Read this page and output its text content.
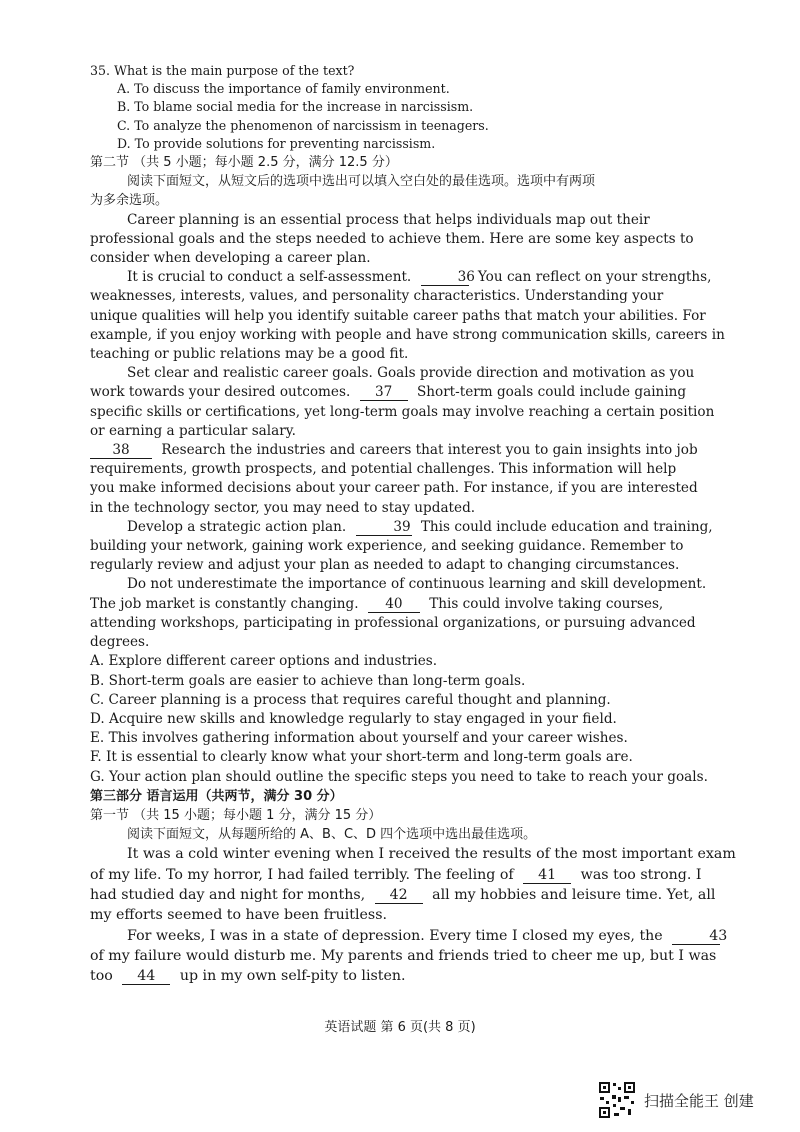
35. What is the main purpose of the text?
A. To discuss the importance of family environment.
B. To blame social media for the increase in narcissism.
C. To analyze the phenomenon of narcissism in teenagers.
D. To provide solutions for preventing narcissism.
第二节 （共 5 小题；每小题 2.5 分，满分 12.5 分）
阅读下面短文，从短文后的选项中选出可以填入空白处的最佳选项。选项中有两项
为多余选项。
Career planning is an essential process that helps individuals map out their
professional goals and the steps needed to achieve them. Here are some key aspects to
consider when developing a career plan.
It is crucial to conduct a self-assessment.	36 You can reflect on your strengths,
weaknesses, interests, values, and personality characteristics. Understanding your
unique qualities will help you identify suitable career paths that match your abilities. For
example, if you enjoy working with people and have strong communication skills, careers in
teaching or public relations may be a good fit.
Set clear and realistic career goals. Goals provide direction and motivation as you
work towards your desired outcomes. 37 Short-term goals could include gaining
specific skills or certifications, yet long-term goals may involve reaching a certain position
or earning a particular salary.
38 Research the industries and careers that interest you to gain insights into job
requirements, growth prospects, and potential challenges. This information will help
you make informed decisions about your career path. For instance, if you are interested
in the technology sector, you may need to stay updated.
Develop a strategic action plan.	39 This could include education and training,
building your network, gaining work experience, and seeking guidance. Remember to
regularly review and adjust your plan as needed to adapt to changing circumstances.
Do not underestimate the importance of continuous learning and skill development.
The job market is constantly changing. 40 This could involve taking courses,
attending workshops, participating in professional organizations, or pursuing advanced
degrees.
A. Explore different career options and industries.
B. Short-term goals are easier to achieve than long-term goals.
C. Career planning is a process that requires careful thought and planning.
D. Acquire new skills and knowledge regularly to stay engaged in your field.
E. This involves gathering information about yourself and your career wishes.
F. It is essential to clearly know what your short-term and long-term goals are.
G. Your action plan should outline the specific steps you need to take to reach your goals.
第三部分 语言运用（共两节，满分 30 分）
第一节 （共 15 小题；每小题 1 分，满分 15 分）
阅读下面短文，从每题所给的 A、B、C、D 四个选项中选出最佳选项。
It was a cold winter evening when I received the results of the most important exam
of my life. To my horror, I had failed terribly. The feeling of 41 was too strong. I
had studied day and night for months, 42 all my hobbies and leisure time. Yet, all
my efforts seemed to have been fruitless.
For weeks, I was in a state of depression. Every time I closed my eyes, the	43
of my failure would disturb me. My parents and friends tried to cheer me up, but I was
too 44 up in my own self-pity to listen.
英语试题 第 6 页(共 8 页)
扫描全能王 创建
